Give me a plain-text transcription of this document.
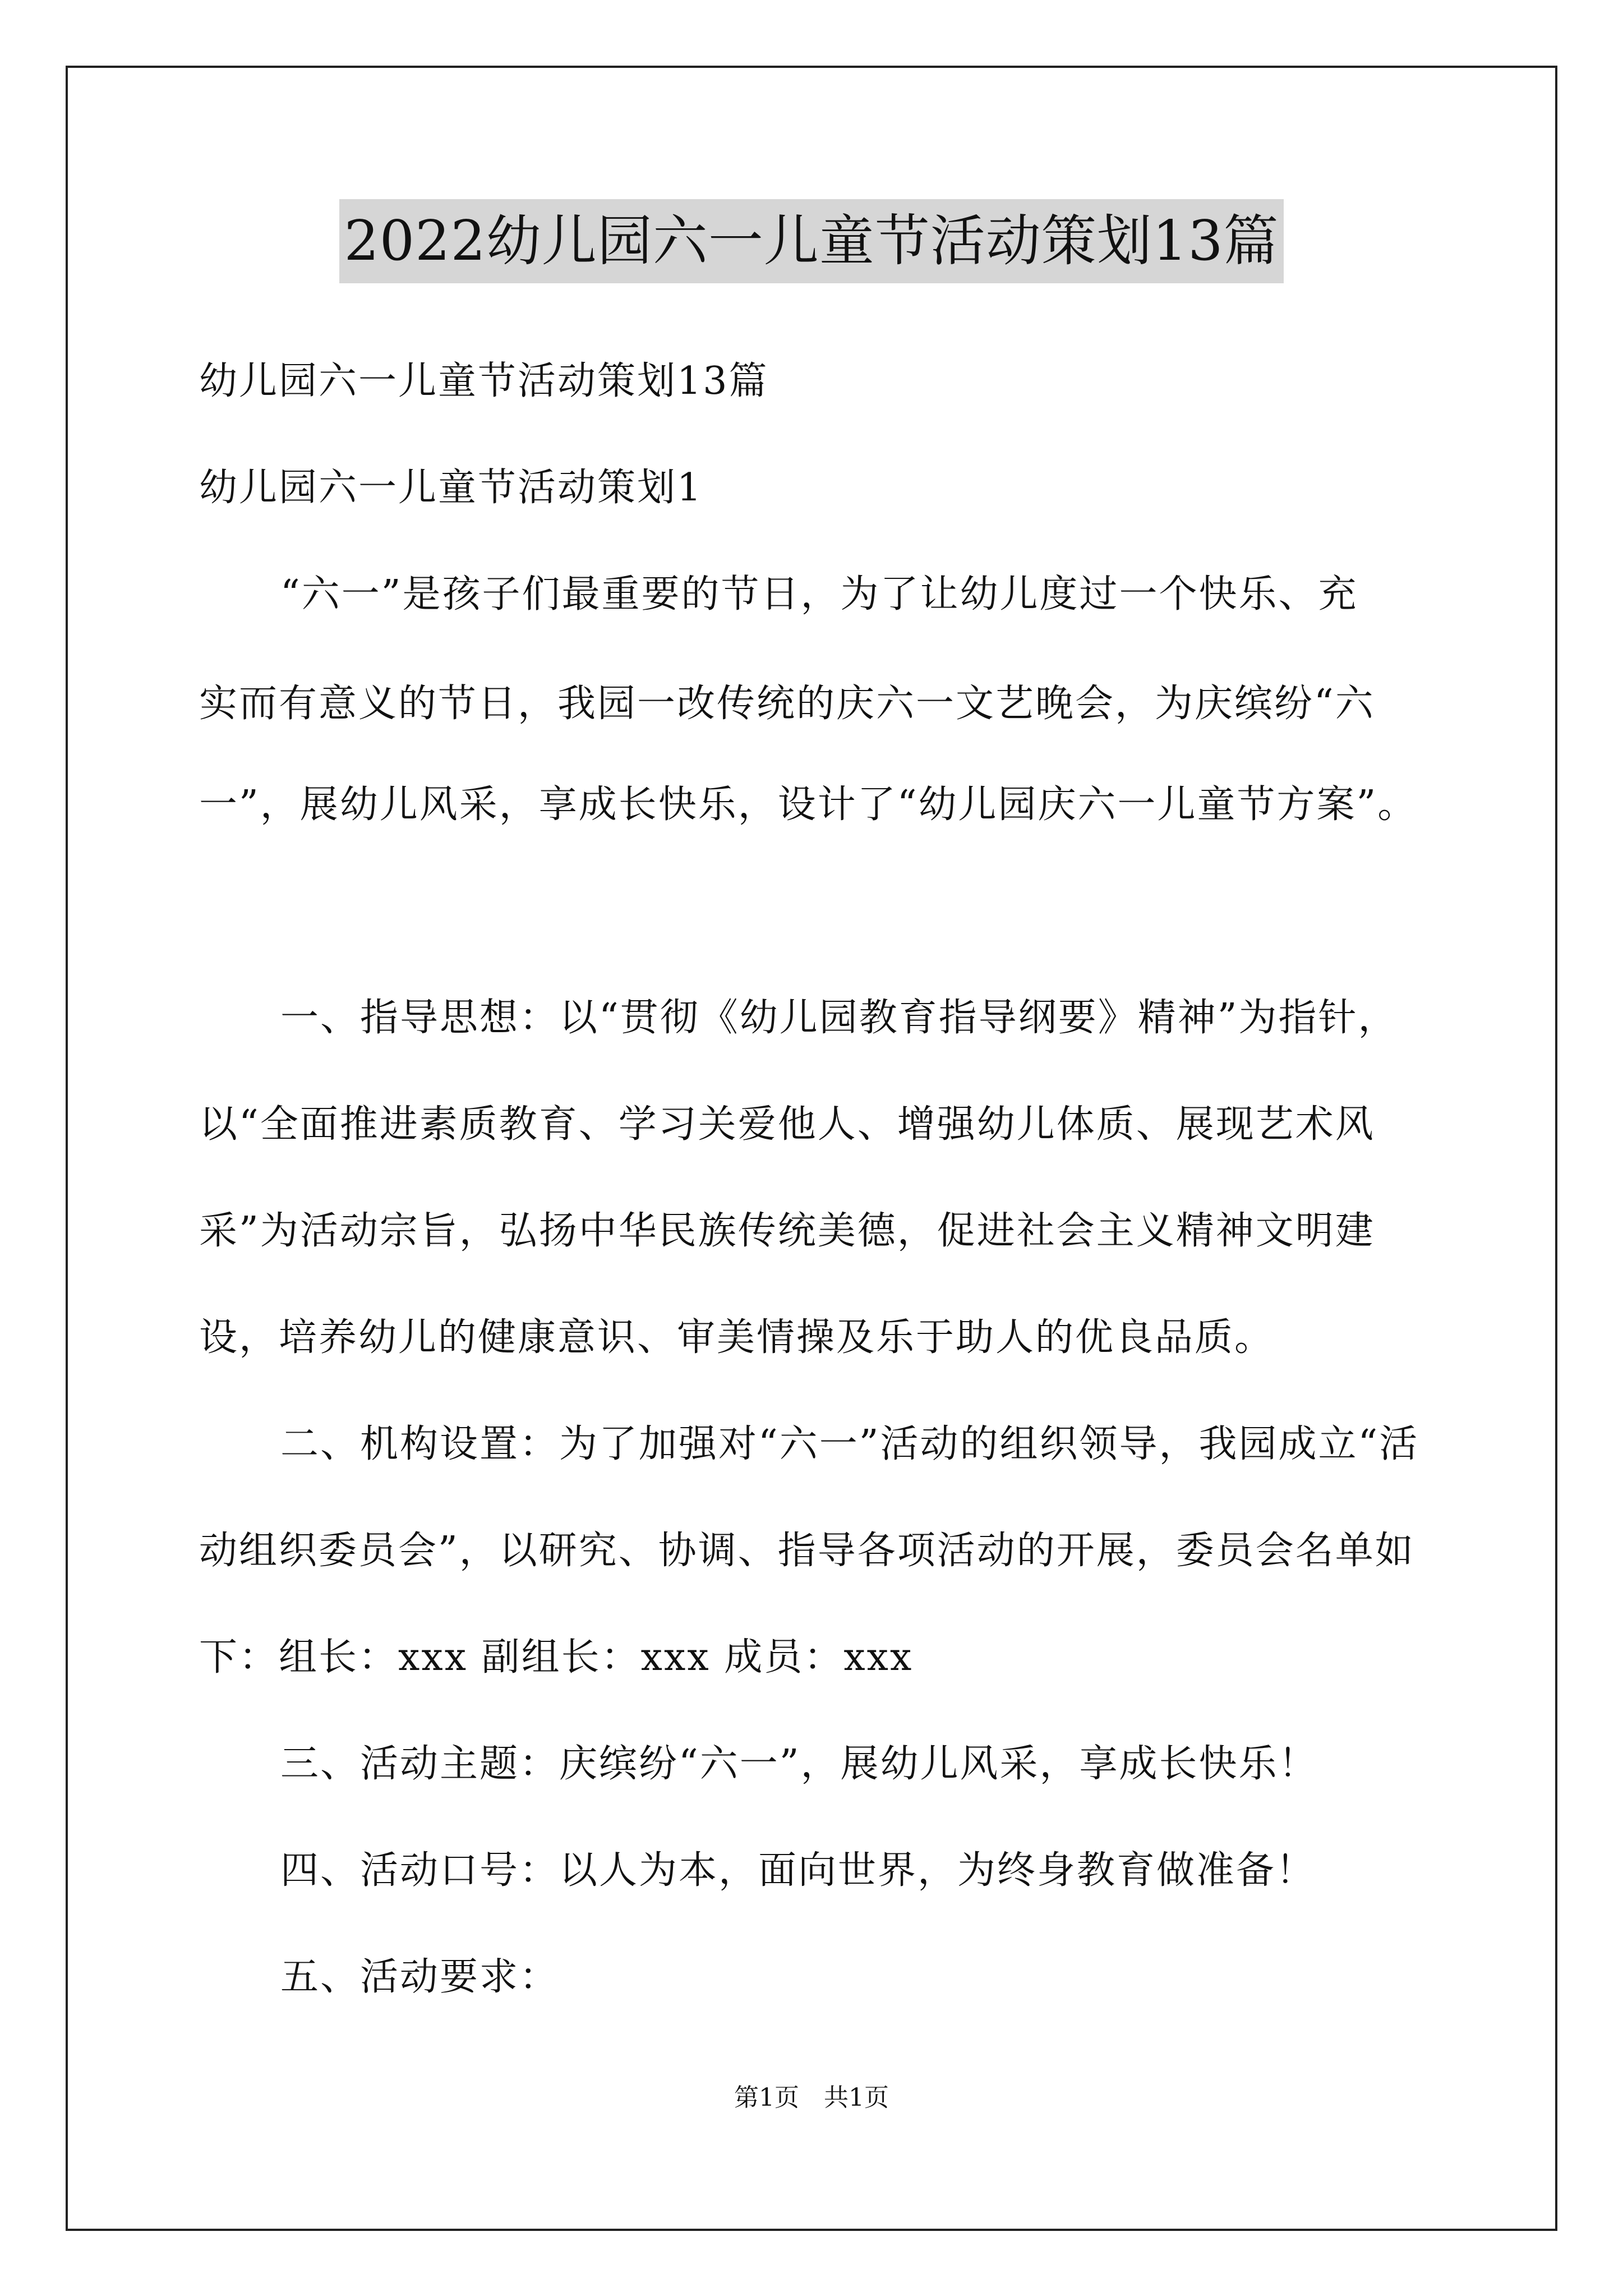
2022幼儿园六一儿童节活动策划13篇
幼儿园六一儿童节活动策划13篇
幼儿园六一儿童节活动策划1
“六一”是孩子们最重要的节日，为了让幼儿度过一个快乐、充
实而有意义的节日，我园一改传统的庆六一文艺晚会，为庆缤纷“六
一”，展幼儿风采，享成长快乐，设计了“幼儿园庆六一儿童节方案”。
一、指导思想：以“贯彻《幼儿园教育指导纲要》精神”为指针，
以“全面推进素质教育、学习关爱他人、增强幼儿体质、展现艺术风
采”为活动宗旨，弘扬中华民族传统美德，促进社会主义精神文明建
设，培养幼儿的健康意识、审美情操及乐于助人的优良品质。
二、机构设置：为了加强对“六一”活动的组织领导，我园成立“活
动组织委员会”，以研究、协调、指导各项活动的开展，委员会名单如
下：组长：xxx 副组长：xxx 成员：xxx
三、活动主题：庆缤纷“六一”，展幼儿风采，享成长快乐！
四、活动口号：以人为本，面向世界，为终身教育做准备！
五、活动要求：
第1页　共1页
